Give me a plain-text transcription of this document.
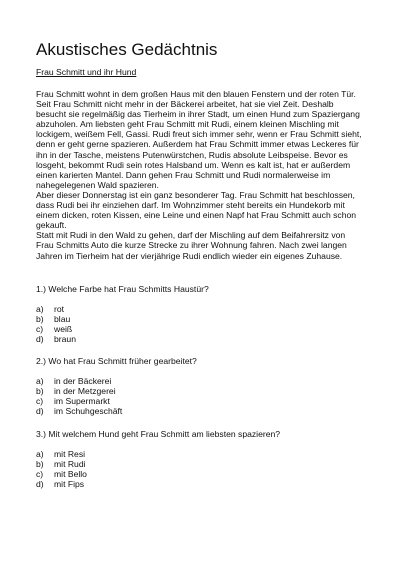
Akustisches Gedächtnis
Frau Schmitt und ihr Hund

Frau Schmitt wohnt in dem großen Haus mit den blauen Fenstern und der roten Tür. Seit Frau Schmitt nicht mehr in der Bäckerei arbeitet, hat sie viel Zeit. Deshalb besucht sie regelmäßig das Tierheim in ihrer Stadt, um einen Hund zum Spaziergang abzuholen. Am liebsten geht Frau Schmitt mit Rudi, einem kleinen Mischling mit lockigem, weißem Fell, Gassi. Rudi freut sich immer sehr, wenn er Frau Schmitt sieht, denn er geht gerne spazieren. Außerdem hat Frau Schmitt immer etwas Leckeres für ihn in der Tasche, meistens Putenwürstchen, Rudis absolute Leibspeise. Bevor es losgeht, bekommt Rudi sein rotes Halsband um. Wenn es kalt ist, hat er außerdem einen karierten Mantel. Dann gehen Frau Schmitt und Rudi normalerweise im nahegelegenen Wald spazieren.

Aber dieser Donnerstag ist ein ganz besonderer Tag. Frau Schmitt hat beschlossen, dass Rudi bei ihr einziehen darf. Im Wohnzimmer steht bereits ein Hundekorb mit einem dicken, roten Kissen, eine Leine und einen Napf hat Frau Schmitt auch schon gekauft.

Statt mit Rudi in den Wald zu gehen, darf der Mischling auf dem Beifahrersitz von Frau Schmitts Auto die kurze Strecke zu ihrer Wohnung fahren. Nach zwei langen Jahren im Tierheim hat der vierjährige Rudi endlich wieder ein eigenes Zuhause.

1.) Welche Farbe hat Frau Schmitts Haustür?
a)	rot
b)	blau
c)	weiß
d)	braun
2.) Wo hat Frau Schmitt früher gearbeitet?
a)	in der Bäckerei
b)	in der Metzgerei
c)	im Supermarkt
d)	im Schuhgeschäft
3.) Mit welchem Hund geht Frau Schmitt am liebsten spazieren?
a)	mit Resi
b)	mit Rudi
c)	mit Bello
d)	mit Fips
